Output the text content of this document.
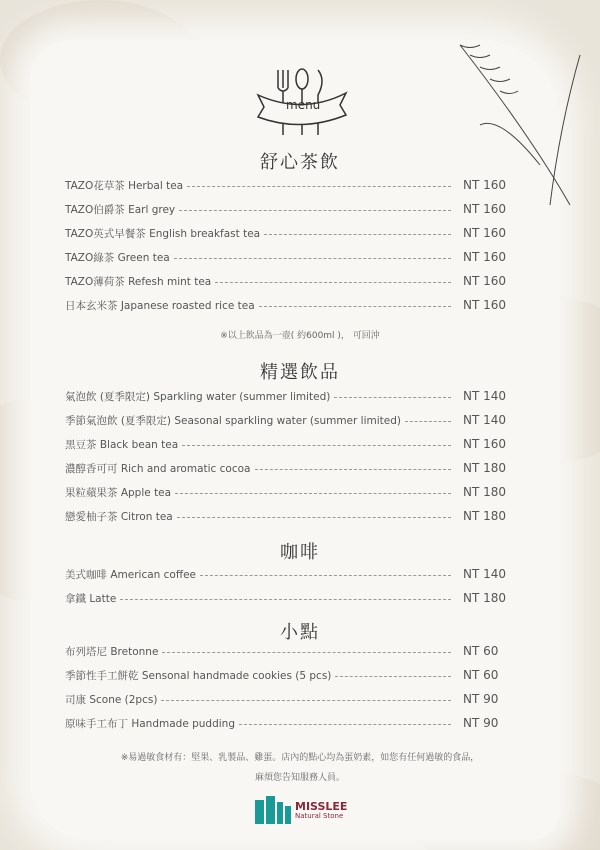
menu
舒心茶飲
TAZO花草茶 Herbal tea	NT 160
TAZO伯爵茶 Earl grey	NT 160
TAZO英式早餐茶 English breakfast tea	NT 160
TAZO綠茶 Green tea	NT 160
TAZO薄荷茶 Refesh mint tea	NT 160
日本玄米茶 Japanese roasted rice tea	NT 160
※以上飲品為一壺( 約600ml )， 可回沖
精選飲品
氣泡飲 (夏季限定) Sparkling water (summer limited)	NT 140
季節氣泡飲 (夏季限定) Seasonal sparkling water (summer limited)	NT 140
黑豆茶 Black bean tea	NT 160
濃醇香可可 Rich and aromatic cocoa	NT 180
果粒蘋果茶 Apple tea	NT 180
戀愛柚子茶 Citron tea	NT 180
咖啡
美式咖啡 American coffee	NT 140
拿鐵 Latte	NT 180
小點
布列塔尼 Bretonne	NT 60
季節性手工餅乾 Sensonal handmade cookies (5 pcs)	NT 60
司康 Scone (2pcs)	NT 90
原味手工布丁 Handmade pudding	NT 90
※易過敏食材有：堅果、乳製品、雞蛋。店內的點心均為蛋奶素，如您有任何過敏的食品，
麻煩您告知服務人員。
MISSLEE
Natural Stone
